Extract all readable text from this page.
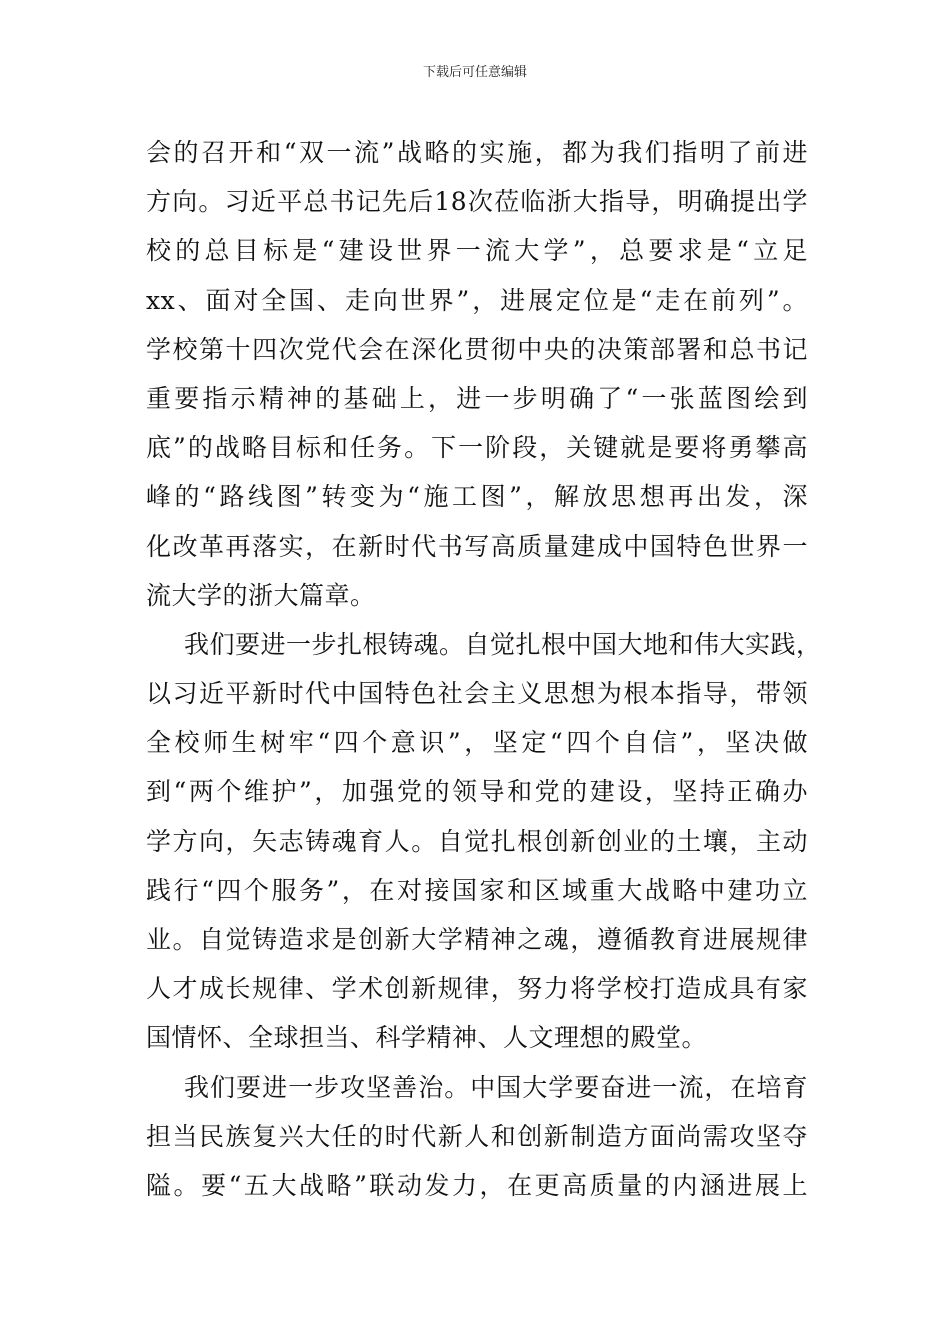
下载后可任意编辑
会的召开和“双一流”战略的实施，都为我们指明了前进
方向。习近平总书记先后18次莅临浙大指导，明确提出学
校的总目标是“建设世界一流大学”，总要求是“立足
xx、面对全国、走向世界”，进展定位是“走在前列”。
学校第十四次党代会在深化贯彻中央的决策部署和总书记
重要指示精神的基础上，进一步明确了“一张蓝图绘到
底”的战略目标和任务。下一阶段，关键就是要将勇攀高
峰的“路线图”转变为“施工图”，解放思想再出发，深
化改革再落实，在新时代书写高质量建成中国特色世界一
流大学的浙大篇章。
我们要进一步扎根铸魂。自觉扎根中国大地和伟大实践，
以习近平新时代中国特色社会主义思想为根本指导，带领
全校师生树牢“四个意识”，坚定“四个自信”，坚决做
到“两个维护”，加强党的领导和党的建设，坚持正确办
学方向，矢志铸魂育人。自觉扎根创新创业的土壤，主动
践行“四个服务”，在对接国家和区域重大战略中建功立
业。自觉铸造求是创新大学精神之魂，遵循教育进展规律
人才成长规律、学术创新规律，努力将学校打造成具有家
国情怀、全球担当、科学精神、人文理想的殿堂。
我们要进一步攻坚善治。中国大学要奋进一流，在培育
担当民族复兴大任的时代新人和创新制造方面尚需攻坚夺
隘。要“五大战略”联动发力，在更高质量的内涵进展上
